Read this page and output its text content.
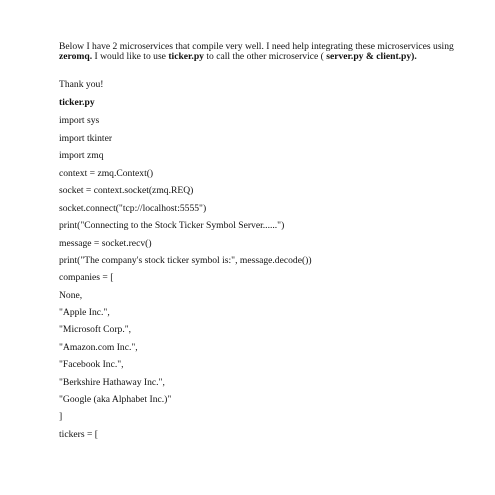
Below I have 2 microservices that compile very well. I need help integrating these microservices using zeromq. I would like to use ticker.py to call the other microservice ( server.py & client.py).

Thank you!

ticker.py

import sys

import tkinter

import zmq

context = zmq.Context()

socket = context.socket(zmq.REQ)

socket.connect("tcp://localhost:5555")

print("Connecting to the Stock Ticker Symbol Server......")

message = socket.recv()

print("The company's stock ticker symbol is:", message.decode())

companies = [

None,

"Apple Inc.",

"Microsoft Corp.",

"Amazon.com Inc.",

"Facebook Inc.",

"Berkshire Hathaway Inc.",

"Google (aka Alphabet Inc.)"

]

tickers = [
